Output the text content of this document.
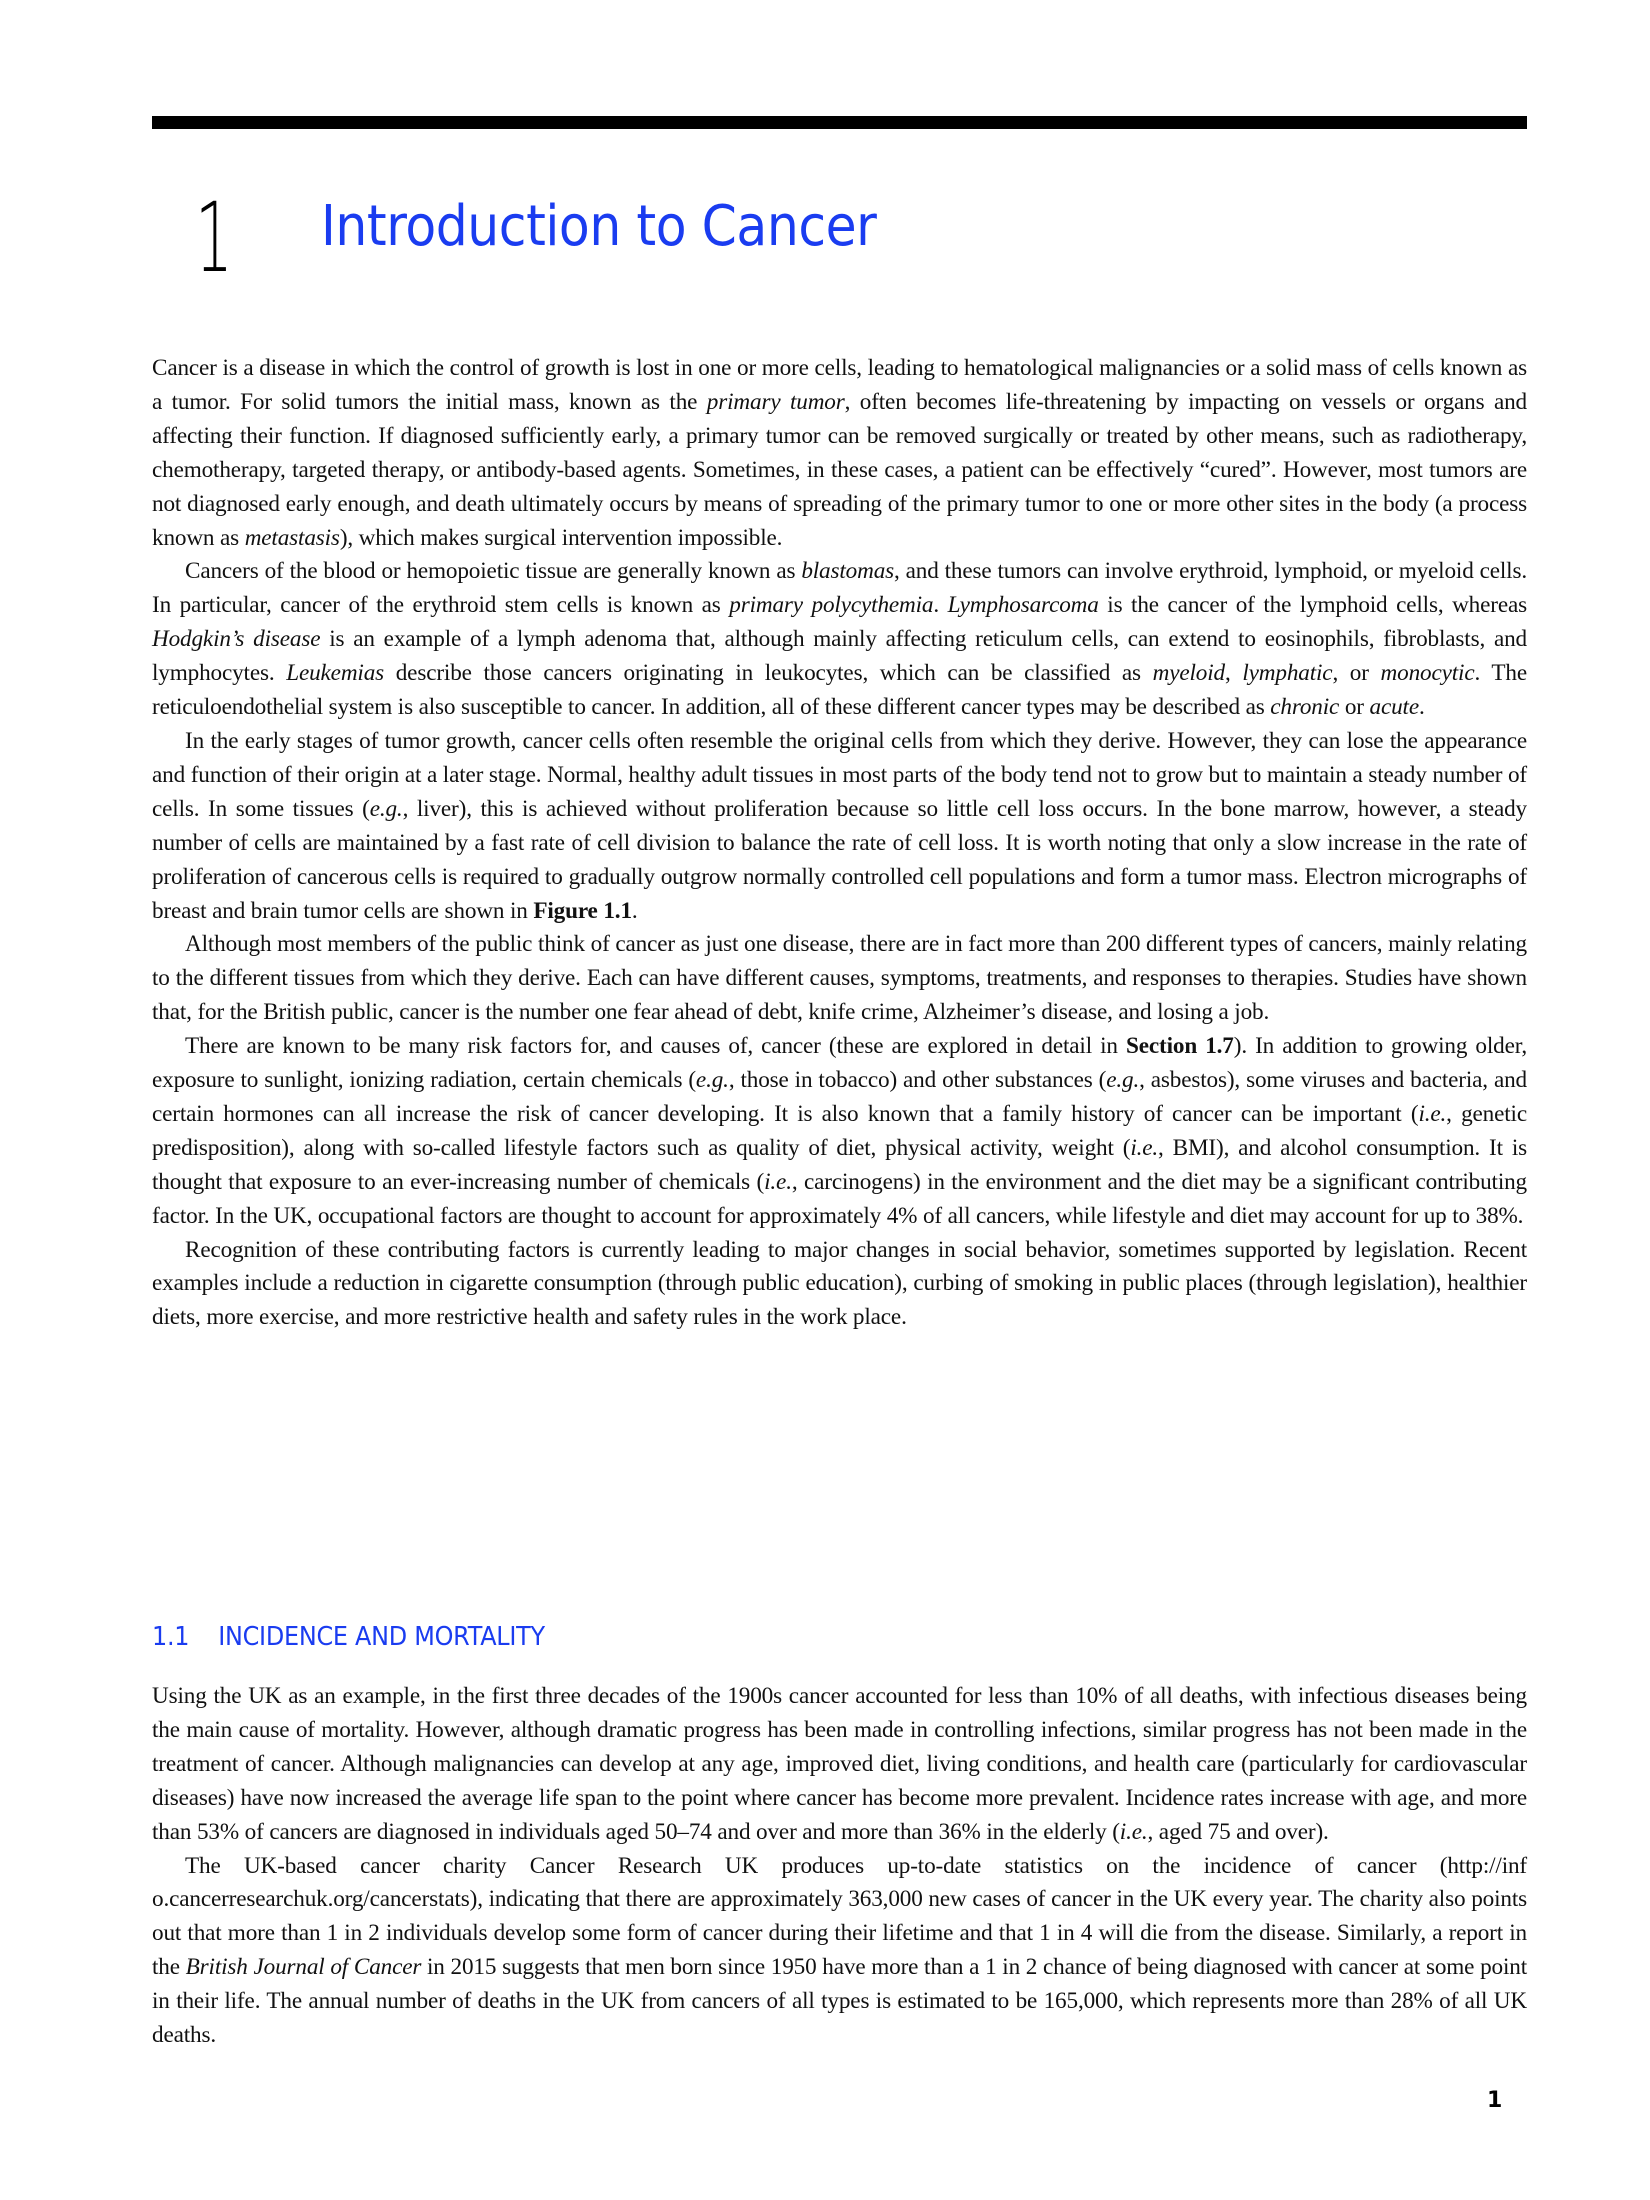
1 Introduction to Cancer

Cancer is a disease in which the control of growth is lost in one or more cells, leading to hematological malignancies or a solid mass of cells known as a tumor. For solid tumors the initial mass, known as the primary tumor, often becomes life-threatening by impacting on vessels or organs and affecting their function. If diagnosed sufficiently early, a primary tumor can be removed surgically or treated by other means, such as radiotherapy, chemotherapy, targeted therapy, or antibody-based agents. Sometimes, in these cases, a patient can be effectively “cured”. However, most tumors are not diagnosed early enough, and death ultimately occurs by means of spreading of the primary tumor to one or more other sites in the body (a process known as metastasis), which makes surgical intervention impossible.

Cancers of the blood or hemopoietic tissue are generally known as blastomas, and these tumors can involve erythroid, lymphoid, or myeloid cells. In particular, cancer of the erythroid stem cells is known as primary polycythemia. Lymphosarcoma is the cancer of the lymphoid cells, whereas Hodgkin’s disease is an example of a lymph adenoma that, although mainly affecting reticulum cells, can extend to eosinophils, fibroblasts, and lymphocytes. Leukemias describe those cancers originating in leukocytes, which can be classified as myeloid, lymphatic, or monocytic. The reticuloendothelial system is also susceptible to cancer. In addition, all of these different cancer types may be described as chronic or acute.

In the early stages of tumor growth, cancer cells often resemble the original cells from which they derive. However, they can lose the appearance and function of their origin at a later stage. Normal, healthy adult tissues in most parts of the body tend not to grow but to maintain a steady number of cells. In some tissues (e.g., liver), this is achieved without proliferation because so little cell loss occurs. In the bone marrow, however, a steady number of cells are maintained by a fast rate of cell division to balance the rate of cell loss. It is worth noting that only a slow increase in the rate of proliferation of cancerous cells is required to gradually outgrow normally controlled cell populations and form a tumor mass. Electron micrographs of breast and brain tumor cells are shown in Figure 1.1.

Although most members of the public think of cancer as just one disease, there are in fact more than 200 different types of cancers, mainly relating to the different tissues from which they derive. Each can have different causes, symptoms, treatments, and responses to therapies. Studies have shown that, for the British public, cancer is the number one fear ahead of debt, knife crime, Alzheimer’s disease, and losing a job.

There are known to be many risk factors for, and causes of, cancer (these are explored in detail in Section 1.7). In addition to growing older, exposure to sunlight, ionizing radiation, certain chemicals (e.g., those in tobacco) and other substances (e.g., asbestos), some viruses and bacteria, and certain hormones can all increase the risk of cancer developing. It is also known that a family history of cancer can be important (i.e., genetic predisposition), along with so-called lifestyle factors such as quality of diet, physical activity, weight (i.e., BMI), and alcohol consumption. It is thought that exposure to an ever-increasing number of chemicals (i.e., carcinogens) in the environment and the diet may be a significant contributing factor. In the UK, occupational factors are thought to account for approximately 4% of all cancers, while lifestyle and diet may account for up to 38%.

Recognition of these contributing factors is currently leading to major changes in social behavior, sometimes supported by legislation. Recent examples include a reduction in cigarette consumption (through public education), curbing of smoking in public places (through legislation), healthier diets, more exercise, and more restrictive health and safety rules in the work place.

1.1	INCIDENCE AND MORTALITY

Using the UK as an example, in the first three decades of the 1900s cancer accounted for less than 10% of all deaths, with infectious diseases being the main cause of mortality. However, although dramatic progress has been made in controlling infections, similar progress has not been made in the treatment of cancer. Although malignancies can develop at any age, improved diet, living conditions, and health care (particularly for cardiovascular diseases) have now increased the average life span to the point where cancer has become more prevalent. Incidence rates increase with age, and more than 53% of cancers are diagnosed in individuals aged 50–74 and over and more than 36% in the elderly (i.e., aged 75 and over).

The UK-based cancer charity Cancer Research UK produces up-to-date statistics on the incidence of cancer (http://inf o.cancerresearchuk.org/cancerstats), indicating that there are approximately 363,000 new cases of cancer in the UK every year. The charity also points out that more than 1 in 2 individuals develop some form of cancer during their lifetime and that 1 in 4 will die from the disease. Similarly, a report in the British Journal of Cancer in 2015 suggests that men born since 1950 have more than a 1 in 2 chance of being diagnosed with cancer at some point in their life. The annual number of deaths in the UK from cancers of all types is estimated to be 165,000, which represents more than 28% of all UK deaths.

1
